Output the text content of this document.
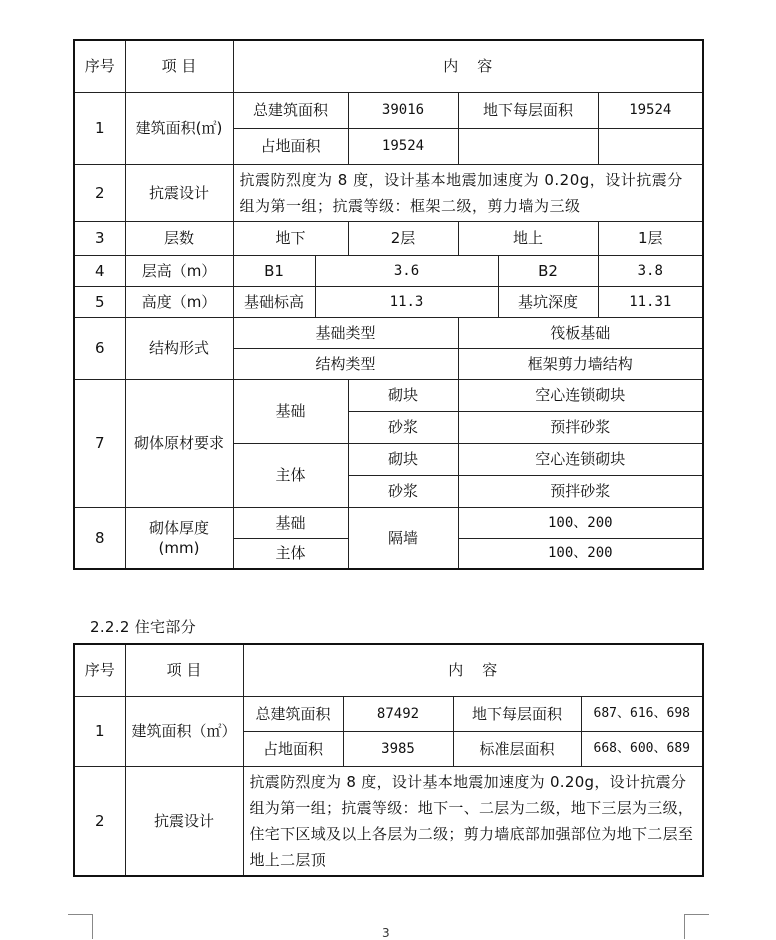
序号	项 目	内    容					
1	建筑面积(㎡)	总建筑面积		39016	地下每层面积		19524
		占地面积		19524			
2	抗震设计	抗震防烈度为 8 度，设计基本地震加速度为 0.20g，设计抗震分组为第一组；抗震等级：框架二级，剪力墙为三级					
3	层数	地下		2层	地上		1层
4	层高（m）	B1	3.6			B2	3.8
5	高度（m）	基础标高	11.3			基坑深度	11.31
6	结构形式	基础类型			筏板基础		
		结构类型			框架剪力墙结构		
7	砌体原材要求	基础		砌块	空心连锁砌块		
				砂浆	预拌砂浆		
		主体		砌块	空心连锁砌块		
				砂浆	预拌砂浆		
8	砌体厚度(mm)	基础		隔墙	100、200		
		主体			100、200		
2.2.2 住宅部分
序号	项 目	内    容			
1	建筑面积（㎡）	总建筑面积	87492	地下每层面积	687、616、698
		占地面积	3985	标准层面积	668、600、689
2	抗震设计	抗震防烈度为 8 度，设计基本地震加速度为 0.20g，设计抗震分组为第一组；抗震等级：地下一、二层为二级，地下三层为三级，住宅下区域及以上各层为二级；剪力墙底部加强部位为地下二层至地上二层顶			
3
